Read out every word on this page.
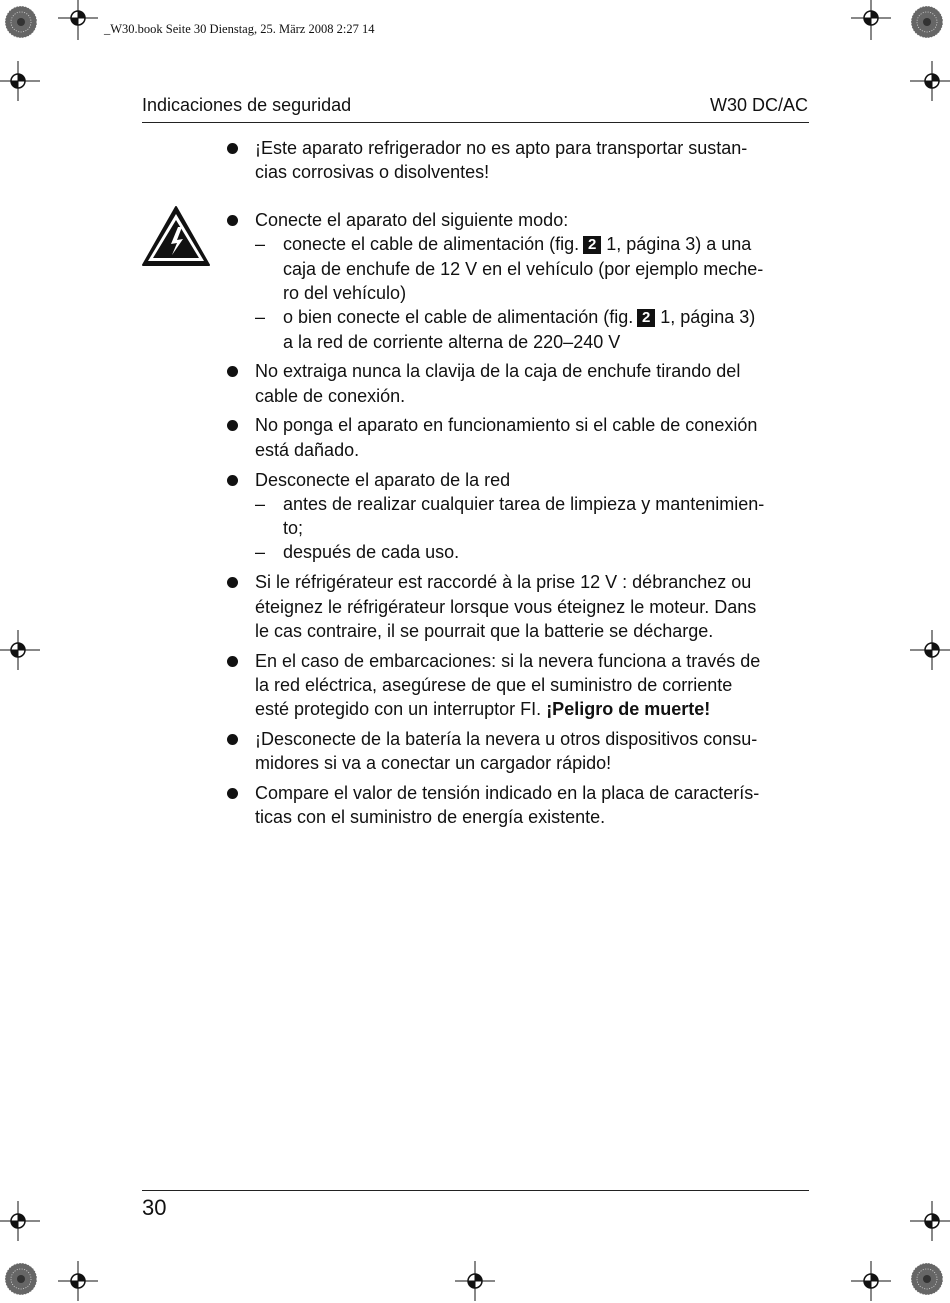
_W30.book Seite 30 Dienstag, 25. März 2008 2:27 14
Indicaciones de seguridad	W30 DC/AC
¡Este aparato refrigerador no es apto para transportar sustan-
cias corrosivas o disolventes!
Conecte el aparato del siguiente modo:
– conecte el cable de alimentación (fig. 2 1, página 3) a una
caja de enchufe de 12 V en el vehículo (por ejemplo meche-
ro del vehículo)
– o bien conecte el cable de alimentación (fig. 2 1, página 3)
a la red de corriente alterna de 220–240 V
No extraiga nunca la clavija de la caja de enchufe tirando del
cable de conexión.
No ponga el aparato en funcionamiento si el cable de conexión
está dañado.
Desconecte el aparato de la red
– antes de realizar cualquier tarea de limpieza y mantenimien-
to;
– después de cada uso.
Si le réfrigérateur est raccordé à la prise 12 V : débranchez ou
éteignez le réfrigérateur lorsque vous éteignez le moteur. Dans
le cas contraire, il se pourrait que la batterie se décharge.
En el caso de embarcaciones: si la nevera funciona a través de
la red eléctrica, asegúrese de que el suministro de corriente
esté protegido con un interruptor FI. ¡Peligro de muerte!
¡Desconecte de la batería la nevera u otros dispositivos consu-
midores si va a conectar un cargador rápido!
Compare el valor de tensión indicado en la placa de caracterís-
ticas con el suministro de energía existente.
30
